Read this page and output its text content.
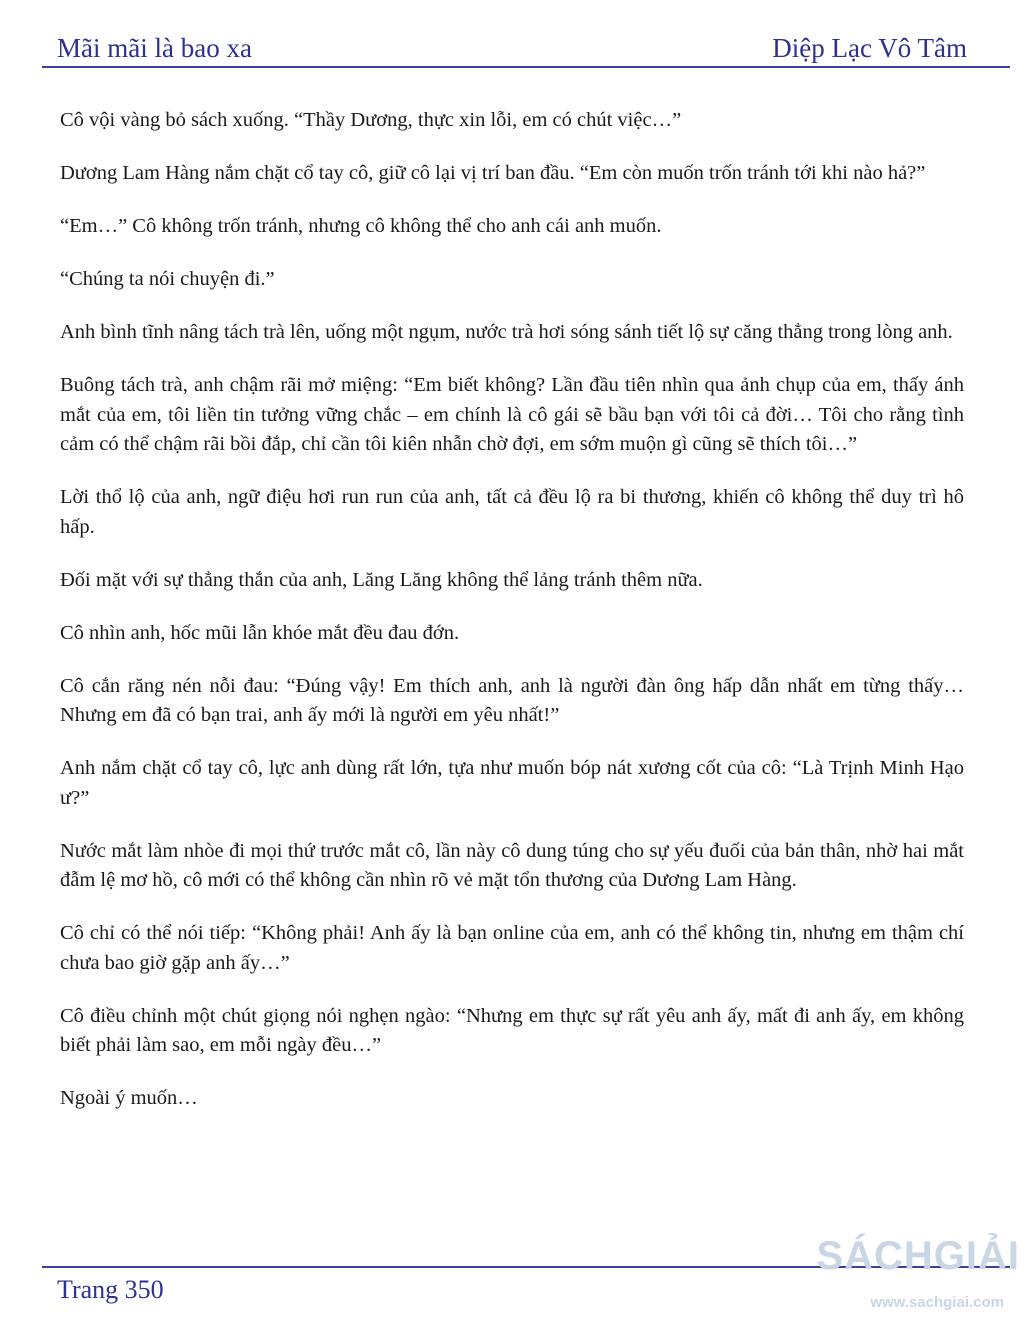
Mãi mãi là bao xa	Diệp Lạc Vô Tâm

Cô vội vàng bỏ sách xuống. “Thầy Dương, thực xin lỗi, em có chút việc…”

Dương Lam Hàng nắm chặt cổ tay cô, giữ cô lại vị trí ban đầu. “Em còn muốn trốn tránh tới khi nào hả?”

“Em…” Cô không trốn tránh, nhưng cô không thể cho anh cái anh muốn.

“Chúng ta nói chuyện đi.”

Anh bình tĩnh nâng tách trà lên, uống một ngụm, nước trà hơi sóng sánh tiết lộ sự căng thẳng trong lòng anh.

Buông tách trà, anh chậm rãi mở miệng: “Em biết không? Lần đầu tiên nhìn qua ảnh chụp của em, thấy ánh mắt của em, tôi liền tin tưởng vững chắc – em chính là cô gái sẽ bầu bạn với tôi cả đời… Tôi cho rằng tình cảm có thể chậm rãi bồi đắp, chỉ cần tôi kiên nhẫn chờ đợi, em sớm muộn gì cũng sẽ thích tôi…”

Lời thổ lộ của anh, ngữ điệu hơi run run của anh, tất cả đều lộ ra bi thương, khiến cô không thể duy trì hô hấp.

Đối mặt với sự thẳng thắn của anh, Lăng Lăng không thể lảng tránh thêm nữa.

Cô nhìn anh, hốc mũi lẫn khóe mắt đều đau đớn.

Cô cắn răng nén nỗi đau: “Đúng vậy! Em thích anh, anh là người đàn ông hấp dẫn nhất em từng thấy… Nhưng em đã có bạn trai, anh ấy mới là người em yêu nhất!”

Anh nắm chặt cổ tay cô, lực anh dùng rất lớn, tựa như muốn bóp nát xương cốt của cô: “Là Trịnh Minh Hạo ư?”

Nước mắt làm nhòe đi mọi thứ trước mắt cô, lần này cô dung túng cho sự yếu đuối của bản thân, nhờ hai mắt đẫm lệ mơ hồ, cô mới có thể không cần nhìn rõ vẻ mặt tổn thương của Dương Lam Hàng.

Cô chỉ có thể nói tiếp: “Không phải! Anh ấy là bạn online của em, anh có thể không tin, nhưng em thậm chí chưa bao giờ gặp anh ấy…”

Cô điều chỉnh một chút giọng nói nghẹn ngào: “Nhưng em thực sự rất yêu anh ấy, mất đi anh ấy, em không biết phải làm sao, em mỗi ngày đều…”

Ngoài ý muốn…

Trang 350
SÁCHGIẢI
www.sachgiai.com
